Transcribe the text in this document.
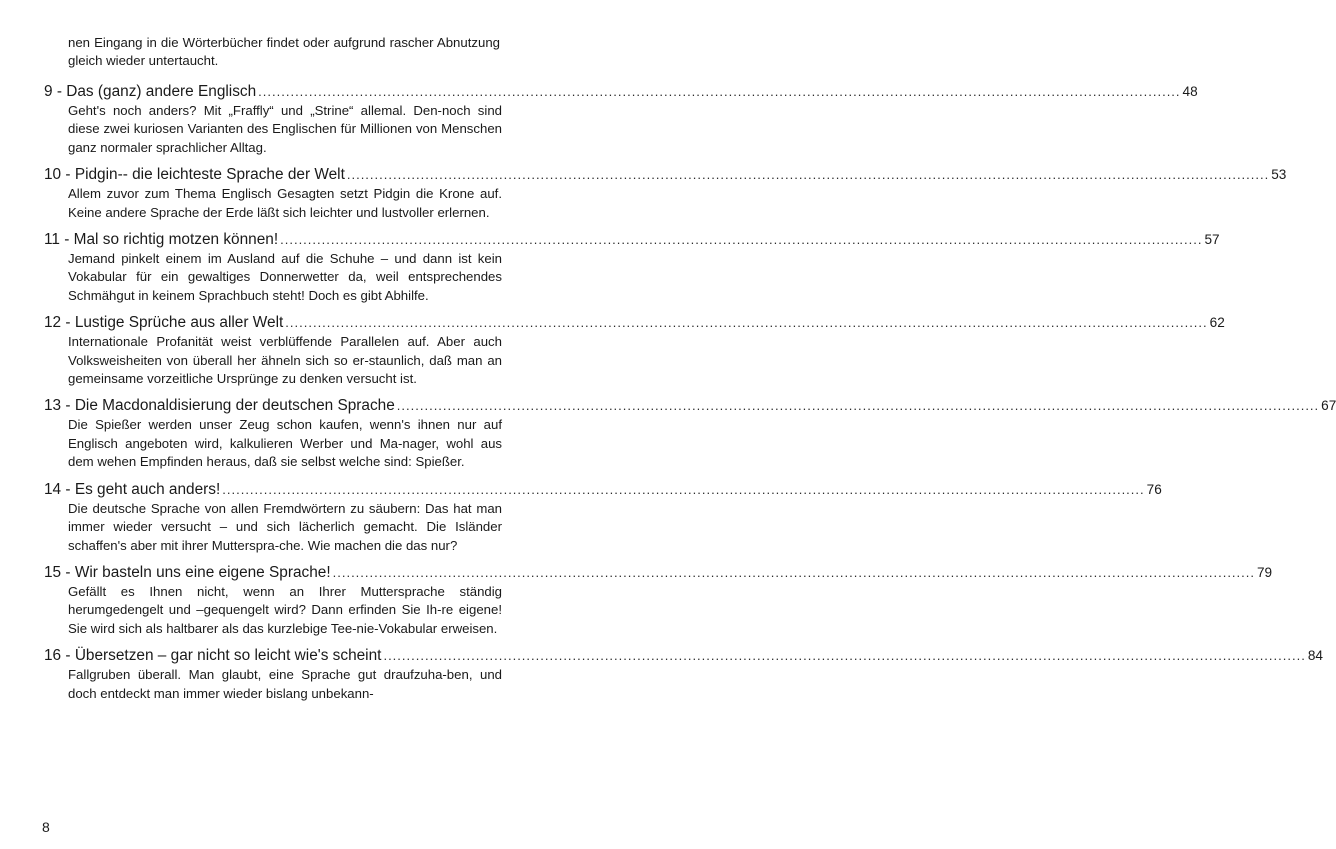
nen Eingang in die Wörterbücher findet oder aufgrund rascher Abnutzung gleich wieder untertaucht.
9 - Das (ganz) andere Englisch .....	48
Geht's noch anders? Mit „Fraffly“ und „Strine“ allemal. Den-noch sind diese zwei kuriosen Varianten des Englischen für Millionen von Menschen ganz normaler sprachlicher Alltag.
10 - Pidgin-- die leichteste Sprache der Welt .....	53
Allem zuvor zum Thema Englisch Gesagten setzt Pidgin die Krone auf. Keine andere Sprache der Erde läßt sich leichter und lustvoller erlernen.
11 - Mal so richtig motzen können! .....	57
Jemand pinkelt einem im Ausland auf die Schuhe – und dann ist kein Vokabular für ein gewaltiges Donnerwetter da, weil entsprechendes Schmähgut in keinem Sprachbuch steht! Doch es gibt Abhilfe.
12 - Lustige Sprüche aus aller Welt .....	62
Internationale Profanität weist verblüffende Parallelen auf. Aber auch Volksweisheiten von überall her ähneln sich so er-staunlich, daß man an gemeinsame vorzeitliche Ursprünge zu denken versucht ist.
13 - Die Macdonaldisierung der deutschen Sprache .....	67
Die Spießer werden unser Zeug schon kaufen, wenn's ihnen nur auf Englisch angeboten wird, kalkulieren Werber und Ma-nager, wohl aus dem wehen Empfinden heraus, daß sie selbst welche sind: Spießer.
14 - Es geht auch anders! .....	76
Die deutsche Sprache von allen Fremdwörtern zu säubern: Das hat man immer wieder versucht – und sich lächerlich gemacht. Die Isländer schaffen's aber mit ihrer Muttersprа-che. Wie machen die das nur?
15 - Wir basteln uns eine eigene Sprache! .....	79
Gefällt es Ihnen nicht, wenn an Ihrer Muttersprache ständig herumgedengelt und –gequengelt wird? Dann erfinden Sie Ih-re eigene! Sie wird sich als haltbarer als das kurzlebige Tee-nie-Vokabular erweisen.
16 - Übersetzen – gar nicht so leicht wie's scheint .....	84
Fallgruben überall. Man glaubt, eine Sprache gut draufzuha-ben, und doch entdeckt man immer wieder bislang unbekann-
8
